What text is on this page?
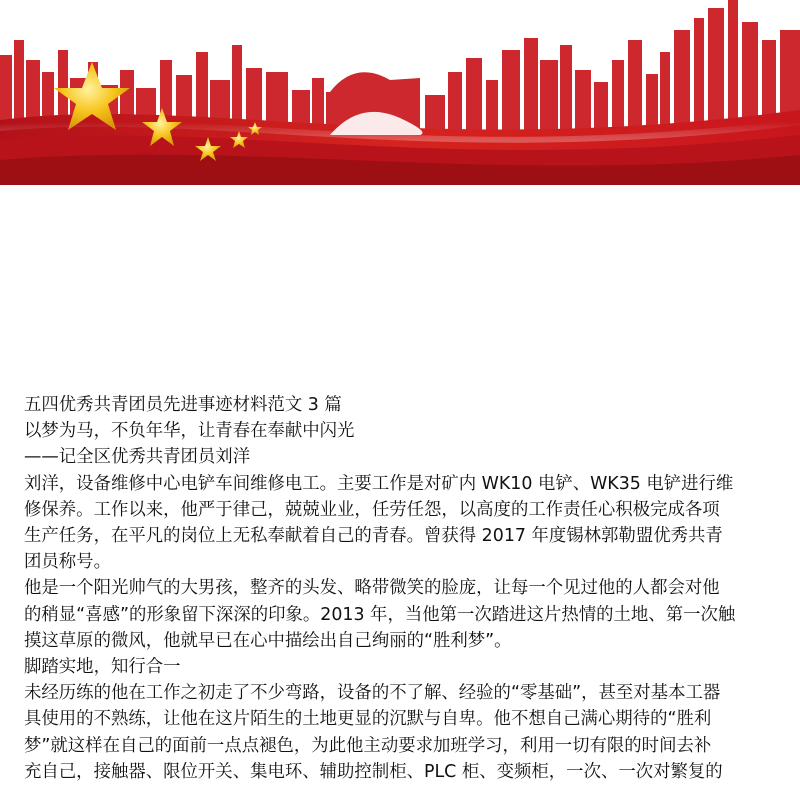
五四优秀共青团员先进事迹材料范文 3 篇
以梦为马，不负年华，让青春在奉献中闪光
——记全区优秀共青团员刘洋
刘洋，设备维修中心电铲车间维修电工。主要工作是对矿内 WK10 电铲、WK35 电铲进行维
修保养。工作以来，他严于律己，兢兢业业，任劳任怨，以高度的工作责任心积极完成各项
生产任务，在平凡的岗位上无私奉献着自己的青春。曾获得 2017 年度锡林郭勒盟优秀共青
团员称号。
他是一个阳光帅气的大男孩，整齐的头发、略带微笑的脸庞，让每一个见过他的人都会对他
的稍显“喜感”的形象留下深深的印象。2013 年，当他第一次踏进这片热情的土地、第一次触
摸这草原的微风，他就早已在心中描绘出自己绚丽的“胜利梦”。
脚踏实地，知行合一
未经历练的他在工作之初走了不少弯路，设备的不了解、经验的“零基础”，甚至对基本工器
具使用的不熟练，让他在这片陌生的土地更显的沉默与自卑。他不想自己满心期待的“胜利
梦”就这样在自己的面前一点点褪色，为此他主动要求加班学习，利用一切有限的时间去补
充自己，接触器、限位开关、集电环、辅助控制柜、PLC 柜、变频柜，一次、一次对繁复的
